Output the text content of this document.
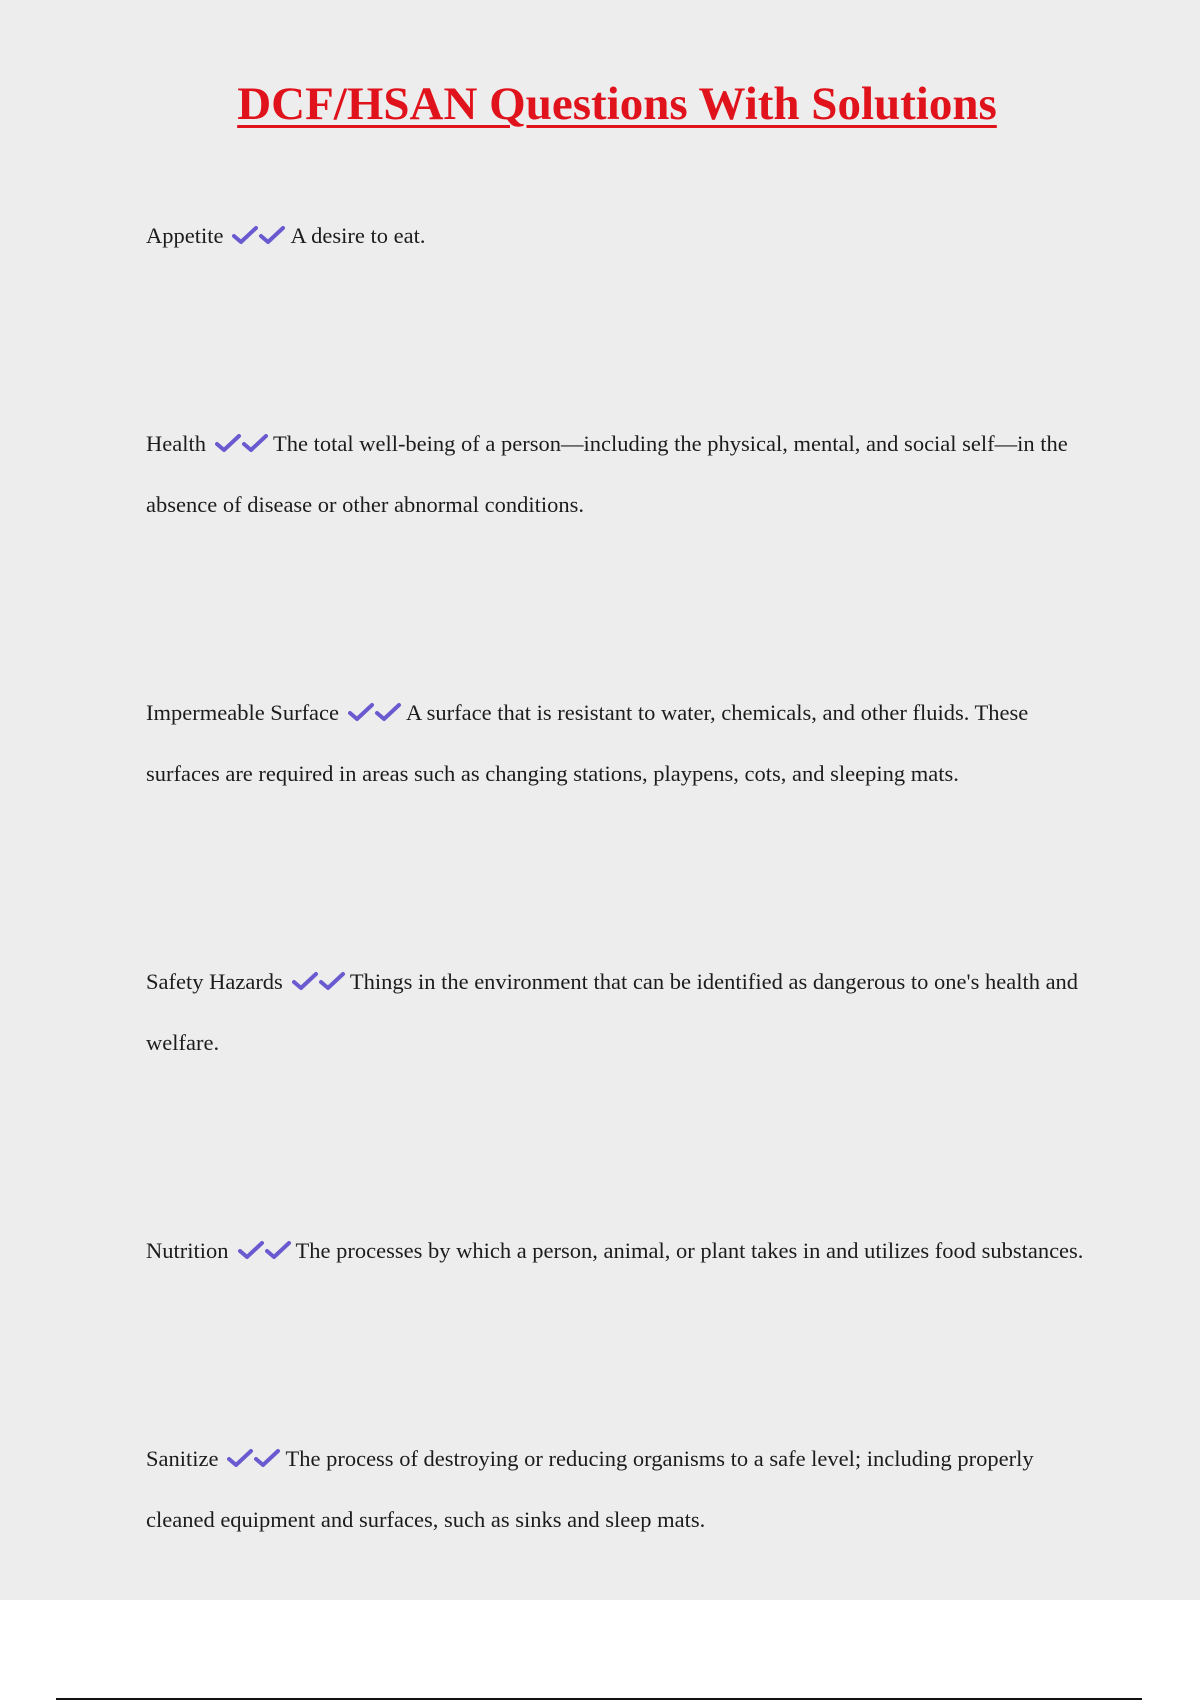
DCF/HSAN Questions With Solutions

Appetite	A desire to eat.

Health	The total well-being of a person—including the physical, mental, and social self—in the absence of disease or other abnormal conditions.

Impermeable Surface	A surface that is resistant to water, chemicals, and other fluids. These surfaces are required in areas such as changing stations, playpens, cots, and sleeping mats.

Safety Hazards	Things in the environment that can be identified as dangerous to one's health and welfare.

Nutrition	The processes by which a person, animal, or plant takes in and utilizes food substances.

Sanitize	The process of destroying or reducing organisms to a safe level; including properly cleaned equipment and surfaces, such as sinks and sleep mats.
